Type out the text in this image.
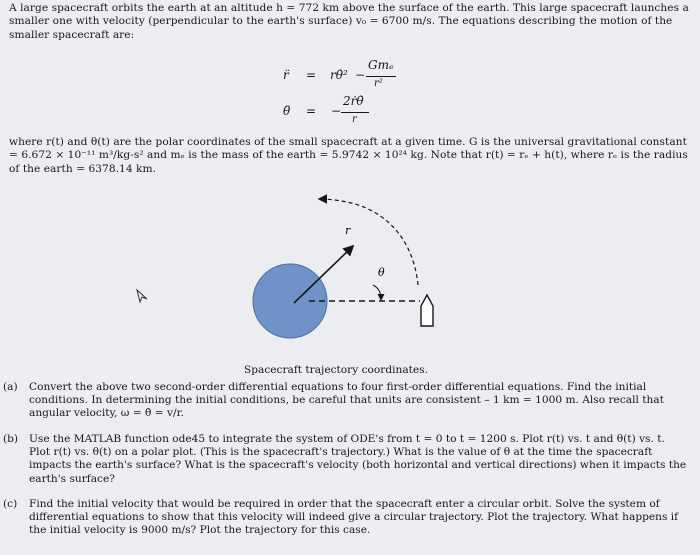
A large spacecraft orbits the earth at an altitude h = 772 km above the surface of the earth. This large spacecraft launches a smaller one with velocity (perpendicular to the earth's surface) v₀ = 6700 m/s. The equations describing the motion of the smaller spacecraft are:
r̈ = rθ̇² −
Gmₑ
r²
θ̈ = −
2ṙθ̇
r
where r(t) and θ(t) are the polar coordinates of the small spacecraft at a given time. G is the universal gravitational constant = 6.672 × 10⁻¹¹ m³/kg-s² and mₑ is the mass of the earth = 5.9742 × 10²⁴ kg. Note that r(t) = rₑ + h(t), where rₑ is the radius of the earth = 6378.14 km.
r
θ
Spacecraft trajectory coordinates.
(a) Convert the above two second-order differential equations to four first-order differential equations. Find the initial conditions. In determining the initial conditions, be careful that units are consistent – 1 km = 1000 m. Also recall that angular velocity, ω = θ̇ = v/r.
(b) Use the MATLAB function ode45 to integrate the system of ODE's from t = 0 to t = 1200 s. Plot r(t) vs. t and θ(t) vs. t. Plot r(t) vs. θ(t) on a polar plot. (This is the spacecraft's trajectory.) What is the value of θ at the time the spacecraft impacts the earth's surface? What is the spacecraft's velocity (both horizontal and vertical directions) when it impacts the earth's surface?
(c) Find the initial velocity that would be required in order that the spacecraft enter a circular orbit. Solve the system of differential equations to show that this velocity will indeed give a circular trajectory. Plot the trajectory. What happens if the initial velocity is 9000 m/s? Plot the trajectory for this case.
